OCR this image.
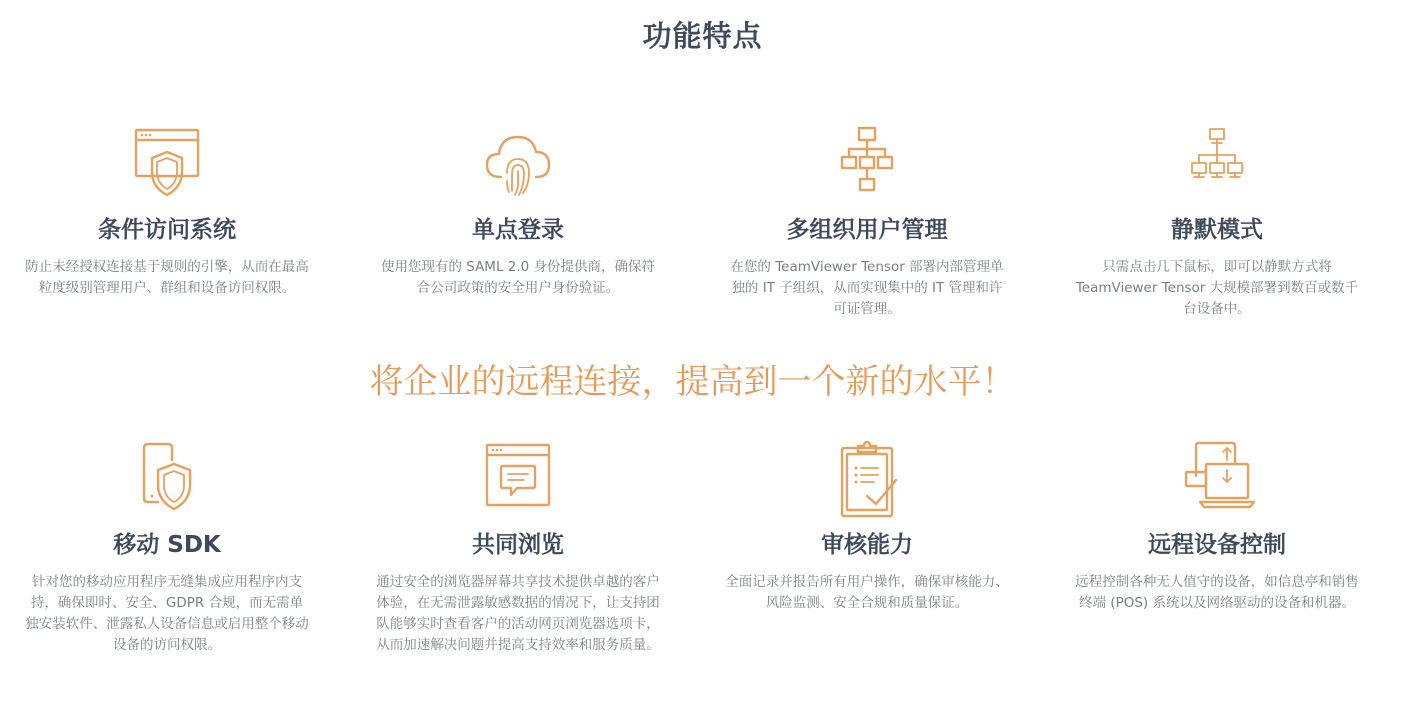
功能特点
条件访问系统
防止未经授权连接基于规则的引擎，从而在最高粒度级别管理用户、群组和设备访问权限。
单点登录
使用您现有的 SAML 2.0 身份提供商，确保符合公司政策的安全用户身份验证。
多组织用户管理
在您的 TeamViewer Tensor 部署内部管理单独的 IT 子组织，从而实现集中的 IT 管理和许可证管理。
静默模式
只需点击几下鼠标，即可以静默方式将 TeamViewer Tensor 大规模部署到数百或数千台设备中。
将企业的远程连接，提高到一个新的水平！
移动 SDK
针对您的移动应用程序无缝集成应用程序内支持，确保即时、安全、GDPR 合规，而无需单独安装软件、泄露私人设备信息或启用整个移动设备的访问权限。
共同浏览
通过安全的浏览器屏幕共享技术提供卓越的客户体验，在无需泄露敏感数据的情况下，让支持团队能够实时查看客户的活动网页浏览器选项卡，从而加速解决问题并提高支持效率和服务质量。
审核能力
全面记录并报告所有用户操作，确保审核能力、风险监测、安全合规和质量保证。
远程设备控制
远程控制各种无人值守的设备，如信息亭和销售终端 (POS) 系统以及网络驱动的设备和机器。
